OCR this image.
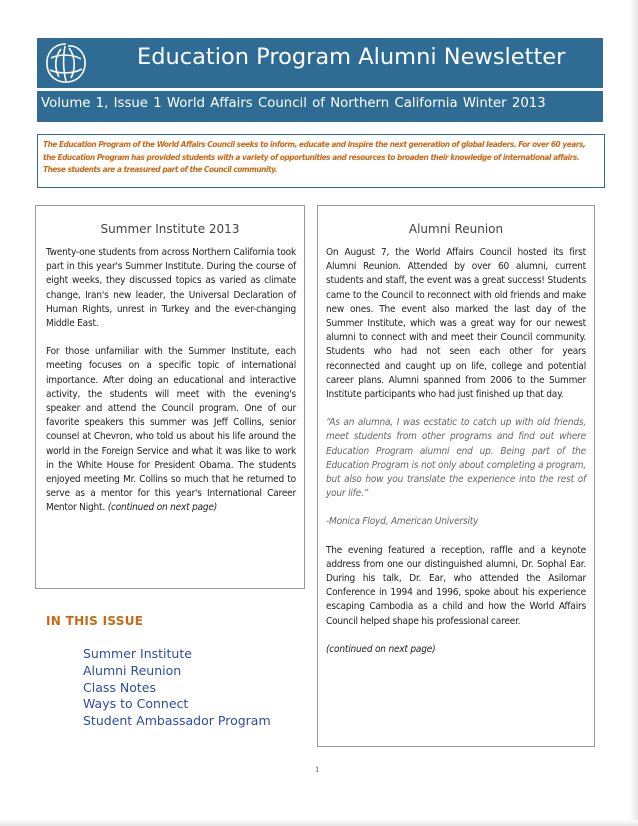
Education Program Alumni Newsletter
Volume 1, Issue 1 World Affairs Council of Northern California Winter 2013
The Education Program of the World Affairs Council seeks to inform, educate and inspire the next generation of global leaders. For over 60 years, the Education Program has provided students with a variety of opportunities and resources to broaden their knowledge of international affairs. These students are a treasured part of the Council community.
Summer Institute 2013

Twenty-one students from across Northern California took part in this year's Summer Institute. During the course of eight weeks, they discussed topics as varied as climate change, Iran's new leader, the Universal Declaration of Human Rights, unrest in Turkey and the ever-changing Middle East.

For those unfamiliar with the Summer Institute, each meeting focuses on a specific topic of international importance. After doing an educational and interactive activity, the students will meet with the evening's speaker and attend the Council program. One of our favorite speakers this summer was Jeff Collins, senior counsel at Chevron, who told us about his life around the world in the Foreign Service and what it was like to work in the White House for President Obama. The students enjoyed meeting Mr. Collins so much that he returned to serve as a mentor for this year's International Career Mentor Night. (continued on next page)

IN THIS ISSUE
Summer Institute
Alumni Reunion
Class Notes
Ways to Connect
Student Ambassador Program
Alumni Reunion

On August 7, the World Affairs Council hosted its first Alumni Reunion. Attended by over 60 alumni, current students and staff, the event was a great success! Students came to the Council to reconnect with old friends and make new ones. The event also marked the last day of the Summer Institute, which was a great way for our newest alumni to connect with and meet their Council community. Students who had not seen each other for years reconnected and caught up on life, college and potential career plans. Alumni spanned from 2006 to the Summer Institute participants who had just finished up that day.

“As an alumna, I was ecstatic to catch up with old friends, meet students from other programs and find out where Education Program alumni end up. Being part of the Education Program is not only about completing a program, but also how you translate the experience into the rest of your life.”

-Monica Floyd, American University

The evening featured a reception, raffle and a keynote address from one our distinguished alumni, Dr. Sophal Ear. During his talk, Dr. Ear, who attended the Asilomar Conference in 1994 and 1996, spoke about his experience escaping Cambodia as a child and how the World Affairs Council helped shape his professional career.

(continued on next page)

1
